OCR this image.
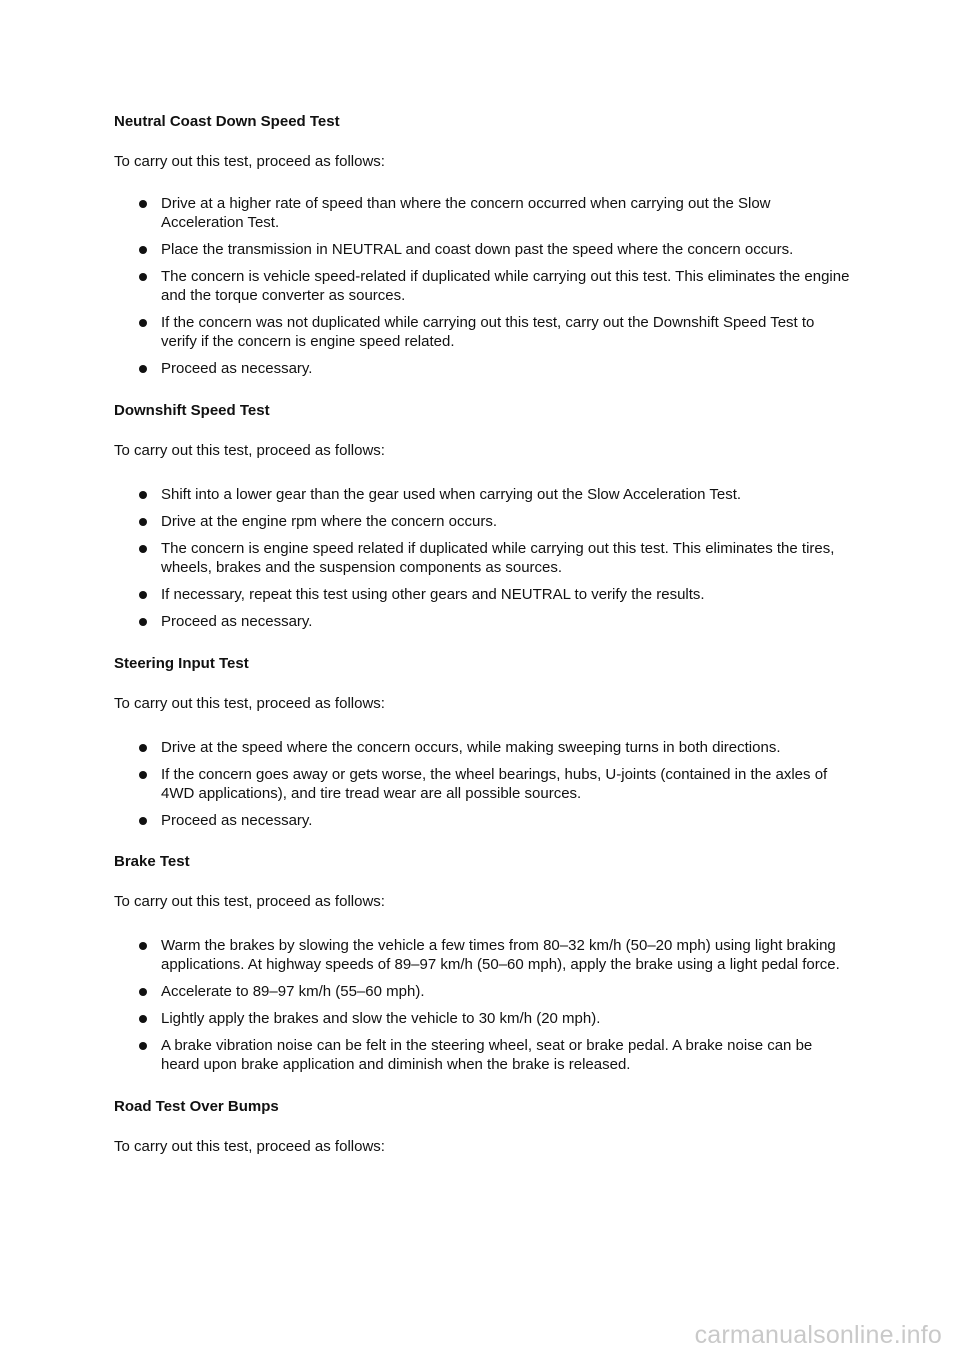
Neutral Coast Down Speed Test

To carry out this test, proceed as follows:

Drive at a higher rate of speed than where the concern occurred when carrying out the Slow Acceleration Test.
Place the transmission in NEUTRAL and coast down past the speed where the concern occurs.
The concern is vehicle speed-related if duplicated while carrying out this test. This eliminates the engine and the torque converter as sources.
If the concern was not duplicated while carrying out this test, carry out the Downshift Speed Test to verify if the concern is engine speed related.
Proceed as necessary.
Downshift Speed Test

To carry out this test, proceed as follows:

Shift into a lower gear than the gear used when carrying out the Slow Acceleration Test.
Drive at the engine rpm where the concern occurs.
The concern is engine speed related if duplicated while carrying out this test. This eliminates the tires, wheels, brakes and the suspension components as sources.
If necessary, repeat this test using other gears and NEUTRAL to verify the results.
Proceed as necessary.
Steering Input Test

To carry out this test, proceed as follows:

Drive at the speed where the concern occurs, while making sweeping turns in both directions.
If the concern goes away or gets worse, the wheel bearings, hubs, U-joints (contained in the axles of 4WD applications), and tire tread wear are all possible sources.
Proceed as necessary.
Brake Test

To carry out this test, proceed as follows:

Warm the brakes by slowing the vehicle a few times from 80–32 km/h (50–20 mph) using light braking applications. At highway speeds of 89–97 km/h (50–60 mph), apply the brake using a light pedal force.
Accelerate to 89–97 km/h (55–60 mph).
Lightly apply the brakes and slow the vehicle to 30 km/h (20 mph).
A brake vibration noise can be felt in the steering wheel, seat or brake pedal. A brake noise can be heard upon brake application and diminish when the brake is released.
Road Test Over Bumps

To carry out this test, proceed as follows:

carmanualsonline.info
